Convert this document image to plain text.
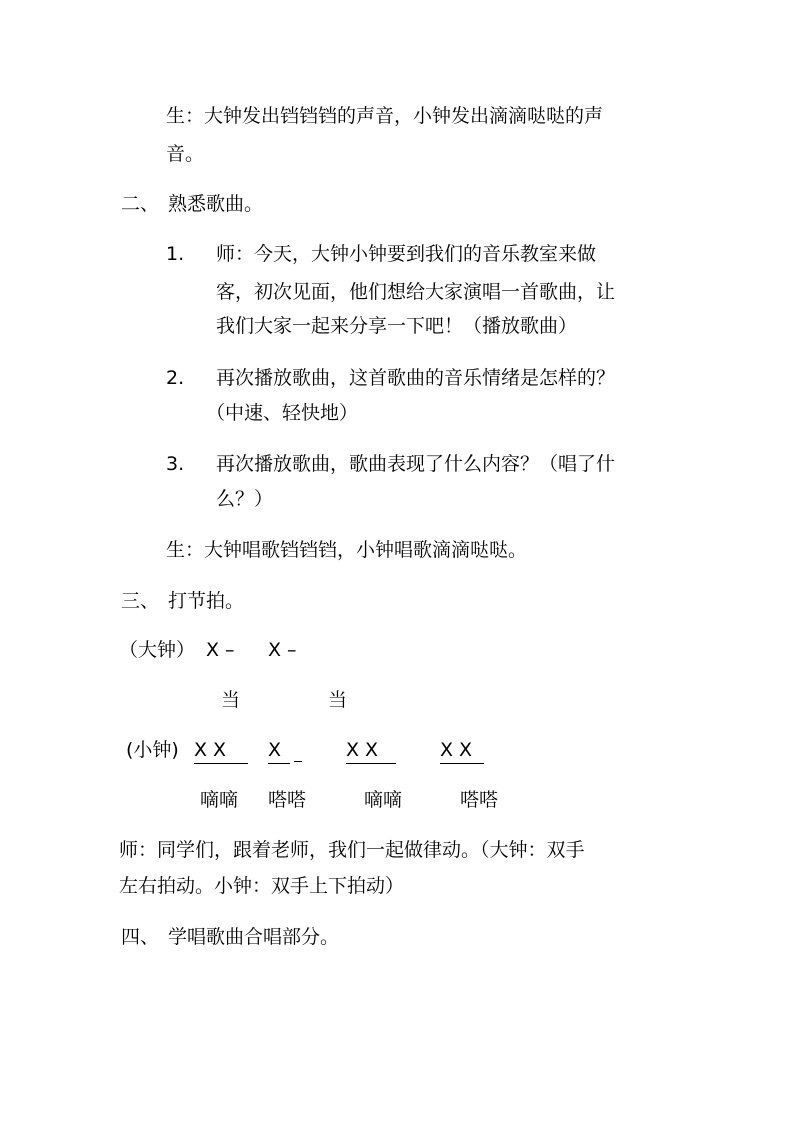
生：大钟发出铛铛铛的声音，小钟发出滴滴哒哒的声
音。
二、 熟悉歌曲。
1. 师：今天，大钟小钟要到我们的音乐教室来做
客，初次见面，他们想给大家演唱一首歌曲，让
我们大家一起来分享一下吧！（播放歌曲）
2. 再次播放歌曲，这首歌曲的音乐情绪是怎样的？
（中速、轻快地）
3. 再次播放歌曲，歌曲表现了什么内容？（唱了什
么？）
生：大钟唱歌铛铛铛，小钟唱歌滴滴哒哒。
三、 打节拍。
（大钟） X – X –
当	当
(小钟) X X	X	X X	X X
嘀嘀 嗒嗒	嘀嘀	嗒嗒
师：同学们，跟着老师，我们一起做律动。（大钟：双手
左右拍动。小钟：双手上下拍动）
四、 学唱歌曲合唱部分。
